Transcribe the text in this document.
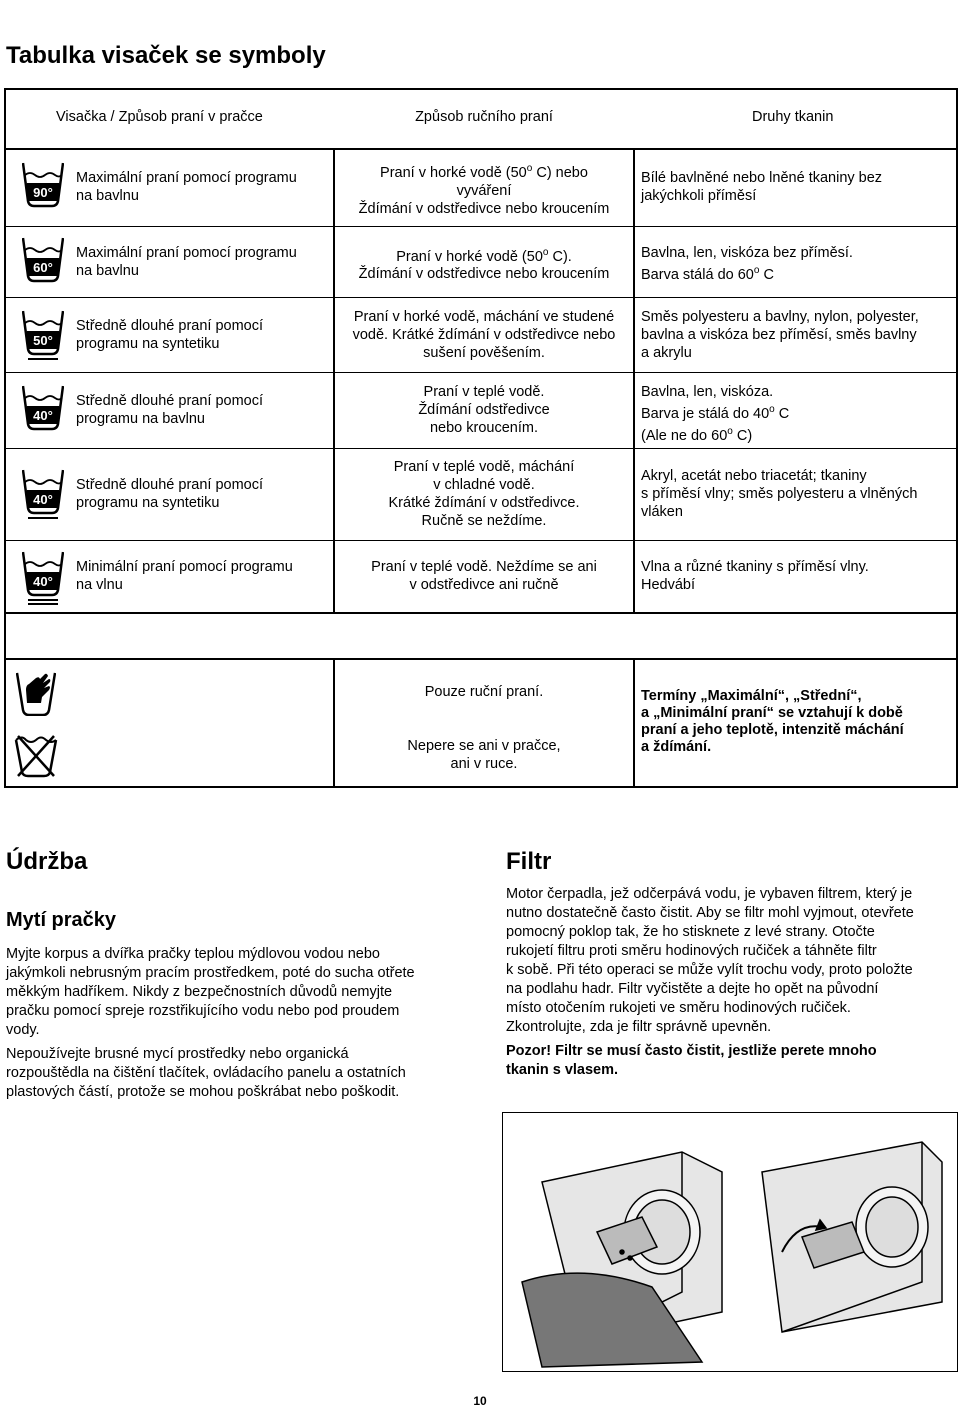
Tabulka visaček se symboly
Visačka / Způsob praní v pračce	Způsob ručního praní	Druhy tkanin
90°
Maximální praní pomocí programu
na bavlnu
Praní v horké vodě (50$^o$ C) nebo
vyváření
Ždímání v odstředivce nebo kroucením
Bílé bavlněné nebo lněné tkaniny bez
jakýchkoli příměsí
60°
Maximální praní pomocí programu
na bavlnu
Praní v horké vodě (50$^o$ C).
Ždímání v odstředivce nebo kroucením
Bavlna, len, viskóza bez příměsí.
Barva stálá do 60$^o$ C
50°
Středně dlouhé praní pomocí
programu na syntetiku
Praní v horké vodě, máchání ve studené
vodě. Krátké ždímání v odstředivce nebo
sušení pověšením.
Směs polyesteru a bavlny, nylon, polyester,
bavlna a viskóza bez příměsí, směs bavlny
a akrylu
40°
Středně dlouhé praní pomocí
programu na bavlnu
Praní v teplé vodě.
Ždímání odstředivce
nebo kroucením.
Bavlna, len, viskóza.
Barva je stálá do 40$^o$ C
(Ale ne do 60$^o$ C)
40°
Středně dlouhé praní pomocí
programu na syntetiku
Praní v teplé vodě, máchání
v chladné vodě.
Krátké ždímání v odstředivce.
Ručně se neždíme.
Akryl, acetát nebo triacetát; tkaniny
s příměsí vlny; směs polyesteru a vlněných
vláken
40°
Minimální praní pomocí programu
na vlnu
Praní v teplé vodě. Neždíme se ani
v odstředivce ani ručně
Vlna a různé tkaniny s příměsí vlny.
Hedvábí
Pouze ruční praní.
Nepere se ani v pračce,
ani v ruce.
Termíny „Maximální“, „Střední“,
a „Minimální praní“ se vztahují k době
praní a jeho teplotě, intenzitě máchání
a ždímání.
Údržba
Mytí pračky

Myjte korpus a dvířka pračky teplou mýdlovou vodou nebo

jakýmkoli nebrusným pracím prostředkem, poté do sucha otřete

měkkým hadříkem. Nikdy z bezpečnostních důvodů nemyjte

pračku pomocí spreje rozstřikujícího vodu nebo pod proudem

vody.

Nepoužívejte brusné mycí prostředky nebo organická

rozpouštědla na čištění tlačítek, ovládacího panelu a ostatních

plastových částí, protože se mohou poškrábat nebo poškodit.

Filtr

Motor čerpadla, jež odčerpává vodu, je vybaven filtrem, který je

nutno dostatečně často čistit. Aby se filtr mohl vyjmout, otevřete

pomocný poklop tak, že ho stisknete z levé strany. Otočte

rukojetí filtru proti směru hodinových ručiček a táhněte filtr

k sobě. Při této operaci se může vylít trochu vody, proto položte

na podlahu hadr. Filtr vyčistěte a dejte ho opět na původní

místo otočením rukojeti ve směru hodinových ručiček.

Zkontrolujte, zda je filtr správně upevněn.

Pozor! Filtr se musí často čistit, jestliže perete mnoho

tkanin s vlasem.

10
